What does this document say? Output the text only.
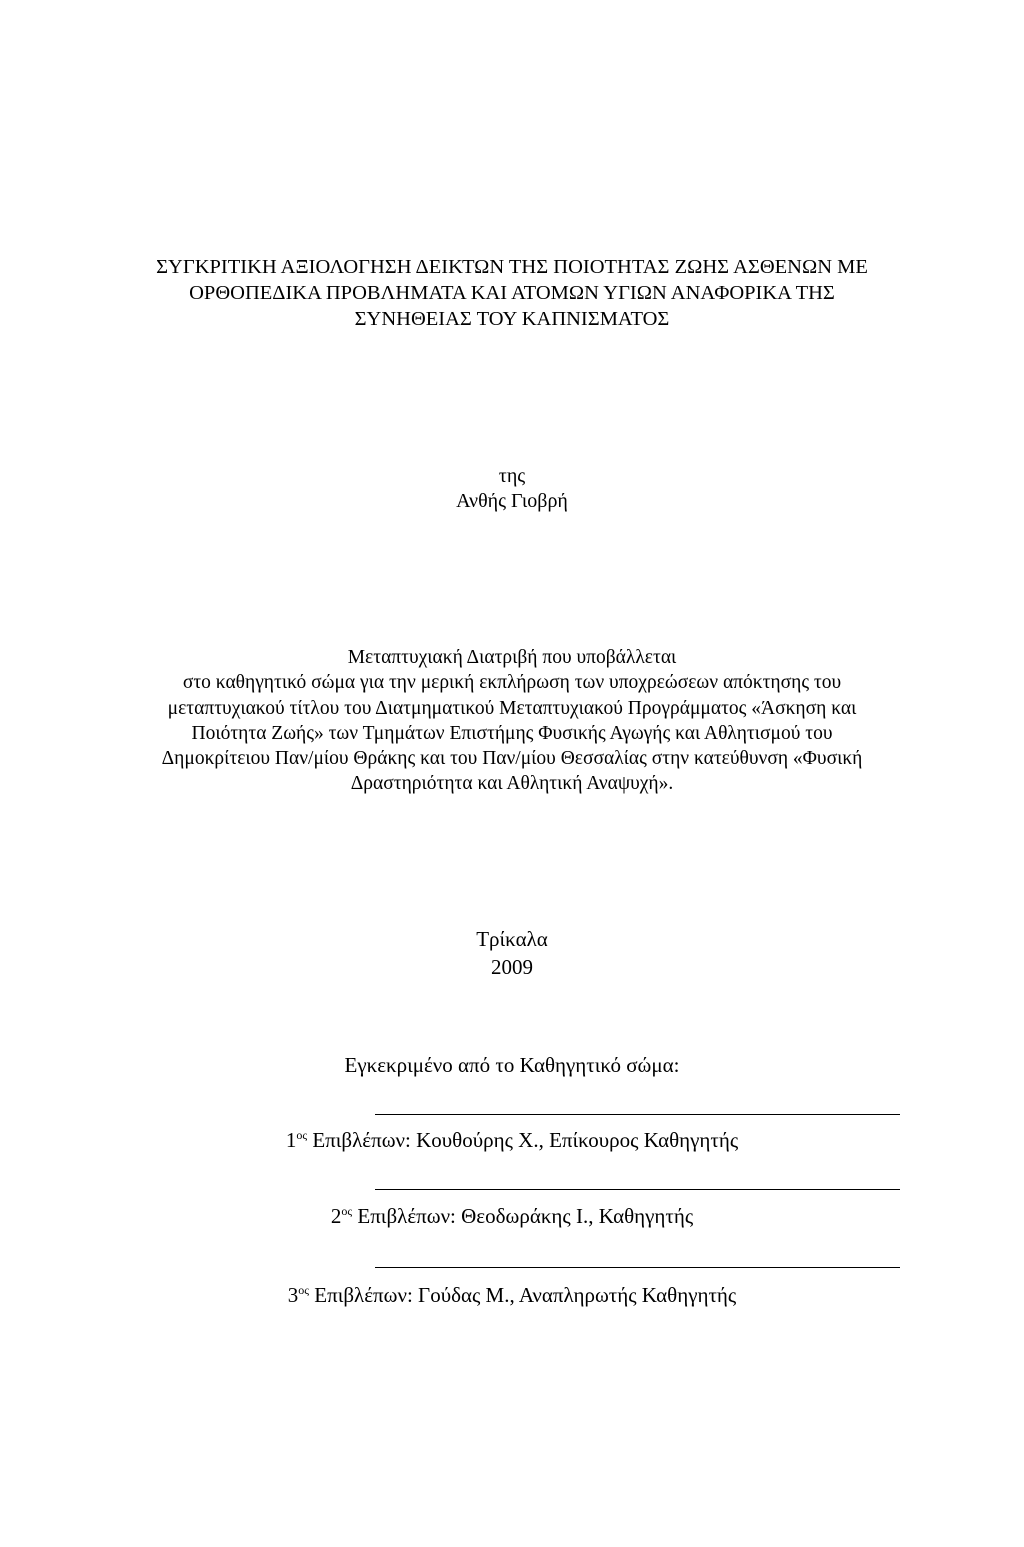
ΣΥΓΚΡΙΤΙΚΗ ΑΞΙΟΛΟΓΗΣΗ ΔΕΙΚΤΩΝ ΤΗΣ ΠΟΙΟΤΗΤΑΣ ΖΩΗΣ ΑΣΘΕΝΩΝ ΜΕ
ΟΡΘΟΠΕΔΙΚΑ ΠΡΟΒΛΗΜΑΤΑ ΚΑΙ ΑΤΟΜΩΝ ΥΓΙΩΝ ΑΝΑΦΟΡΙΚΑ ΤΗΣ
ΣΥΝΗΘΕΙΑΣ ΤΟΥ ΚΑΠΝΙΣΜΑΤΟΣ
της
Ανθής Γιοβρή
Μεταπτυχιακή Διατριβή που υποβάλλεται
στο καθηγητικό σώμα για την μερική εκπλήρωση των υποχρεώσεων απόκτησης του
μεταπτυχιακού τίτλου του Διατμηματικού Μεταπτυχιακού Προγράμματος «Άσκηση και
Ποιότητα Ζωής» των Τμημάτων Επιστήμης Φυσικής Αγωγής και Αθλητισμού του
Δημοκρίτειου Παν/μίου Θράκης και του Παν/μίου Θεσσαλίας στην κατεύθυνση «Φυσική
Δραστηριότητα και Αθλητική Αναψυχή».
Τρίκαλα
2009
Εγκεκριμένο από το Καθηγητικό σώμα:
$1^{o\varsigma}$ Επιβλέπων: Κουθούρης Χ., Επίκουρος Καθηγητής
$2^{o\varsigma}$ Επιβλέπων: Θεοδωράκης Ι., Καθηγητής
$3^{o\varsigma}$ Επιβλέπων: Γούδας Μ., Αναπληρωτής Καθηγητής
